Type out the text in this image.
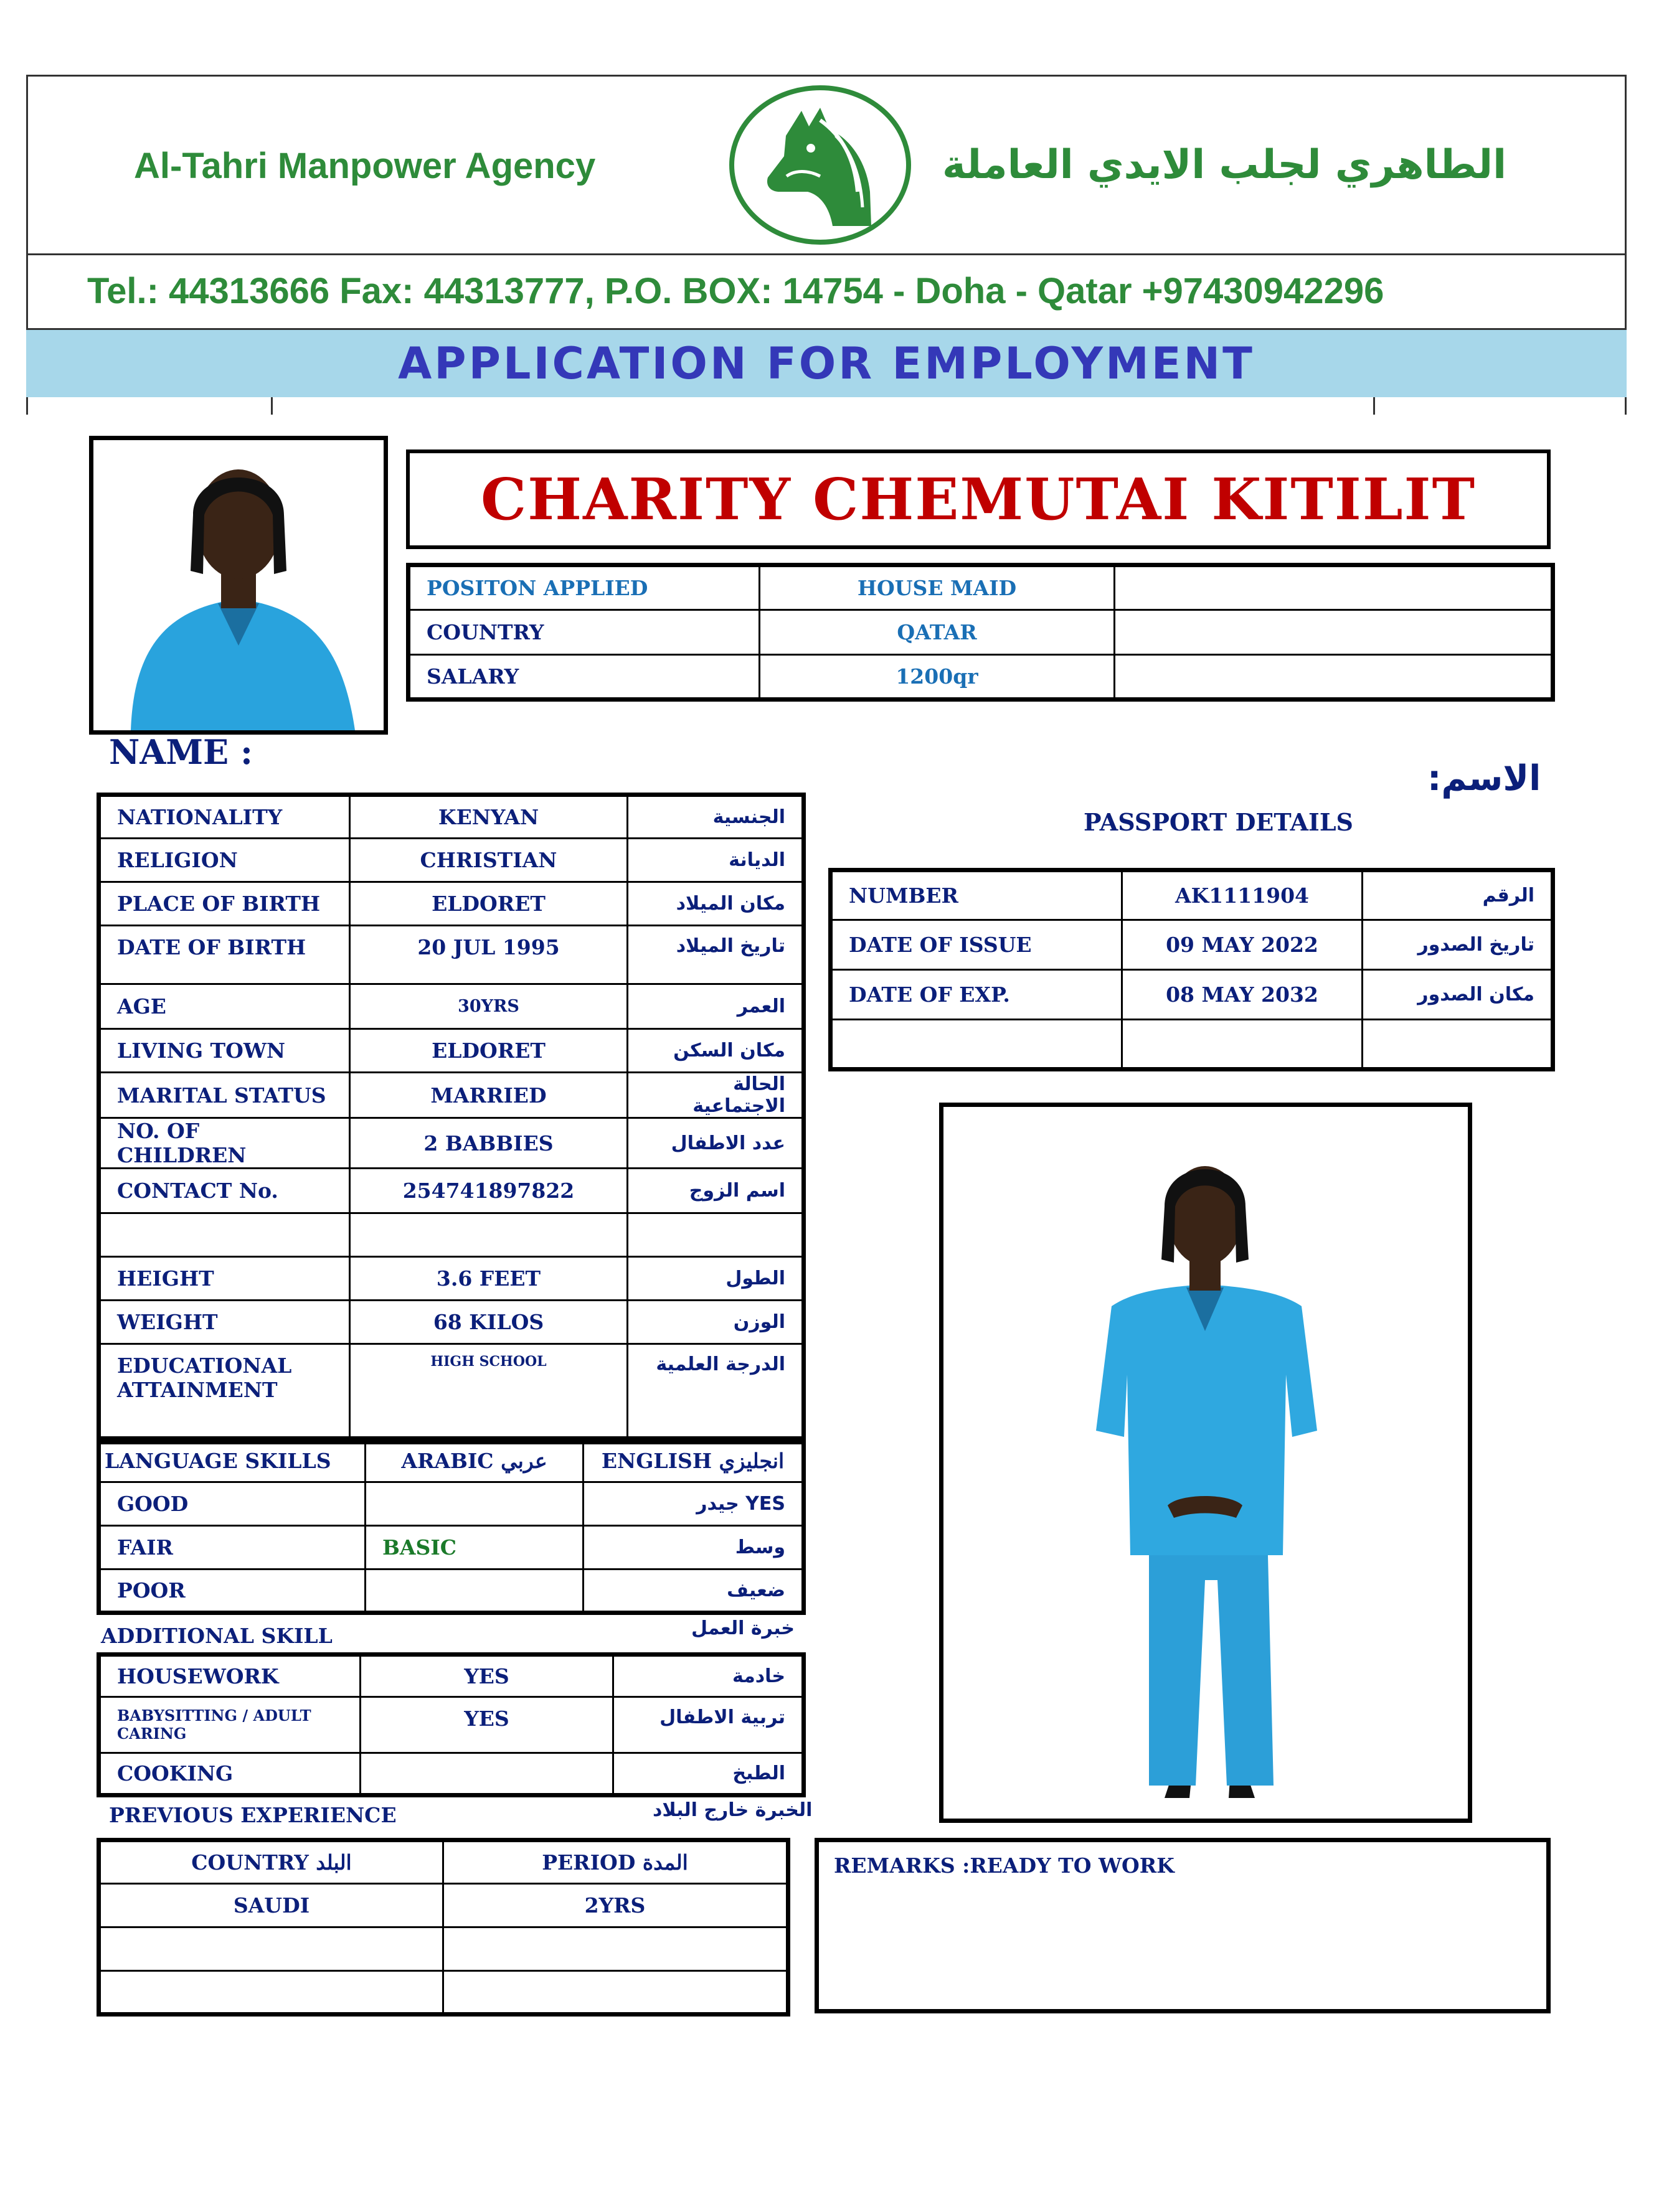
Al-Tahri Manpower Agency	الطاهري لجلب الايدي العاملة
Tel.: 44313666 Fax: 44313777, P.O. BOX: 14754 - Doha - Qatar +97430942296
APPLICATION FOR EMPLOYMENT
CHARITY CHEMUTAI KITILIT
POSITON APPLIED	HOUSE MAID	
COUNTRY	QATAR	
SALARY	1200qr	
NAME :
الاسم:
NATIONALITY	KENYAN	الجنسية
RELIGION	CHRISTIAN	الديانة
PLACE OF BIRTH	ELDORET	مكان الميلاد
DATE OF BIRTH	20 JUL 1995	تاريخ الميلاد
AGE	30YRS	العمر
LIVING TOWN	ELDORET	مكان السكن
MARITAL STATUS	MARRIED	الحالة الاجتماعية
NO. OF CHILDREN	2 BABBIES	عدد الاطفال
CONTACT No.	254741897822	اسم الزوج

HEIGHT	3.6 FEET	الطول
WEIGHT	68 KILOS	الوزن
EDUCATIONAL ATTAINMENT	HIGH SCHOOL	الدرجة العلمية
LANGUAGE SKILLS	ARABIC عربي	ENGLISH انجليزي
GOOD		YES جيدر
FAIR	BASIC	وسط
POOR		ضعيف
ADDITIONAL SKILL	خبرة العمل
HOUSEWORK	YES	خادمة
BABYSITTING / ADULT CARING	YES	تربية الاطفال
COOKING		الطبخ
PREVIOUS EXPERIENCE	الخبرة خارج البلاد
COUNTRY البلد	PERIOD المدة
SAUDI	2YRS

PASSPORT DETAILS
NUMBER	AK1111904	الرقم
DATE OF ISSUE	09 MAY 2022	تاريخ الصدور
DATE OF EXP.	08 MAY 2032	مكان الصدور

REMARKS :READY TO WORK
